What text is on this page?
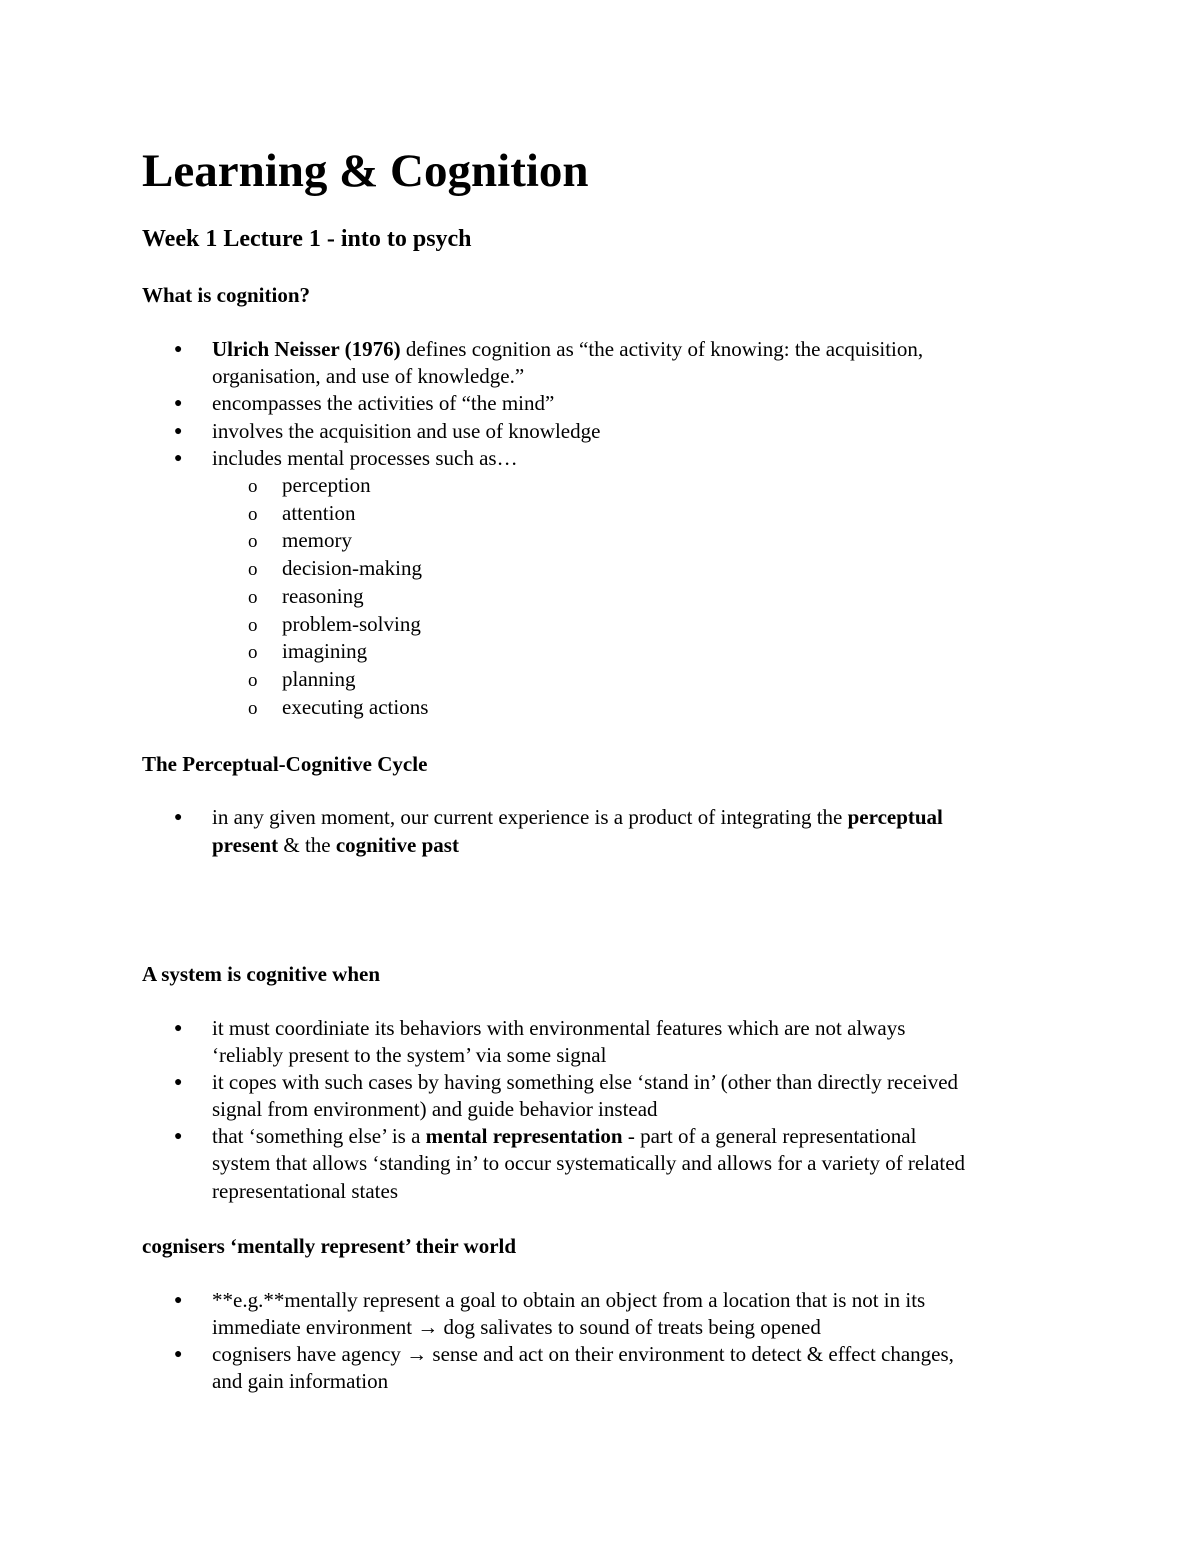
Learning & Cognition
Week 1 Lecture 1 - into to psych
What is cognition?
● Ulrich Neisser (1976) defines cognition as “the activity of knowing: the acquisition,
organisation, and use of knowledge.”
● encompasses the activities of “the mind”
● involves the acquisition and use of knowledge
● includes mental processes such as…
o perception
o attention
o memory
o decision-making
o reasoning
o problem-solving
o imagining
o planning
o executing actions
The Perceptual-Cognitive Cycle
● in any given moment, our current experience is a product of integrating the perceptual
present & the cognitive past
A system is cognitive when
● it must coordiniate its behaviors with environmental features which are not always
‘reliably present to the system’ via some signal
● it copes with such cases by having something else ‘stand in’ (other than directly received
signal from environment) and guide behavior instead
● that ‘something else’ is a mental representation - part of a general representational
system that allows ‘standing in’ to occur systematically and allows for a variety of related
representational states
cognisers ‘mentally represent’ their world
● **e.g.**mentally represent a goal to obtain an object from a location that is not in its
immediate environment → dog salivates to sound of treats being opened
● cognisers have agency → sense and act on their environment to detect & effect changes,
and gain information
